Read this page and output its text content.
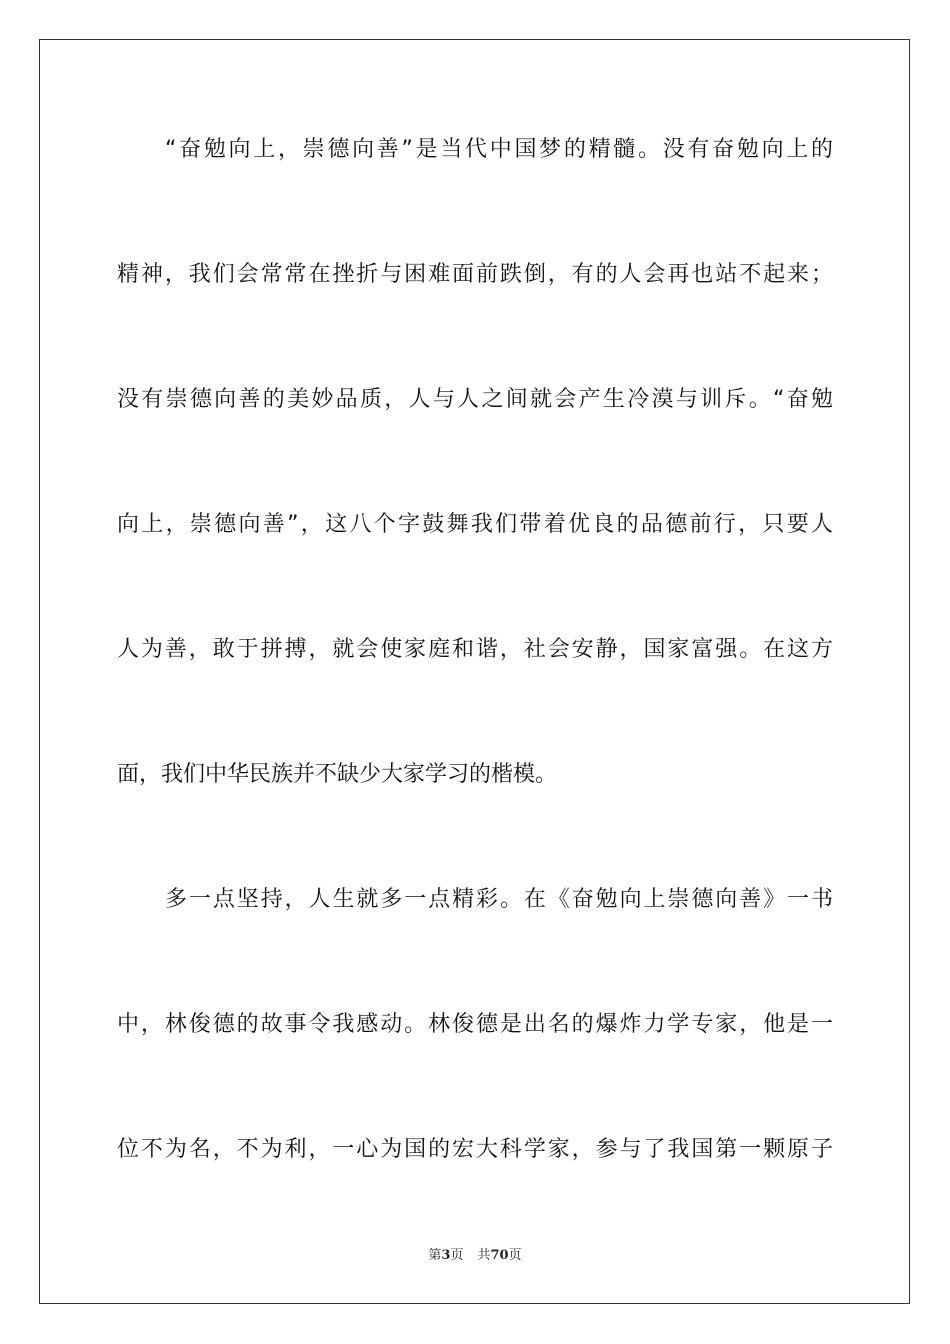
“奋勉向上，崇德向善”是当代中国梦的精髓。没有奋勉向上的
精神，我们会常常在挫折与困难面前跌倒，有的人会再也站不起来；
没有崇德向善的美妙品质，人与人之间就会产生冷漠与训斥。“奋勉
向上，崇德向善”，这八个字鼓舞我们带着优良的品德前行，只要人
人为善，敢于拼搏，就会使家庭和谐，社会安静，国家富强。在这方
面，我们中华民族并不缺少大家学习的楷模。
多一点坚持，人生就多一点精彩。在《奋勉向上崇德向善》一书
中，林俊德的故事令我感动。林俊德是出名的爆炸力学专家，他是一
位不为名，不为利，一心为国的宏大科学家，参与了我国第一颗原子
第3页 共70页
